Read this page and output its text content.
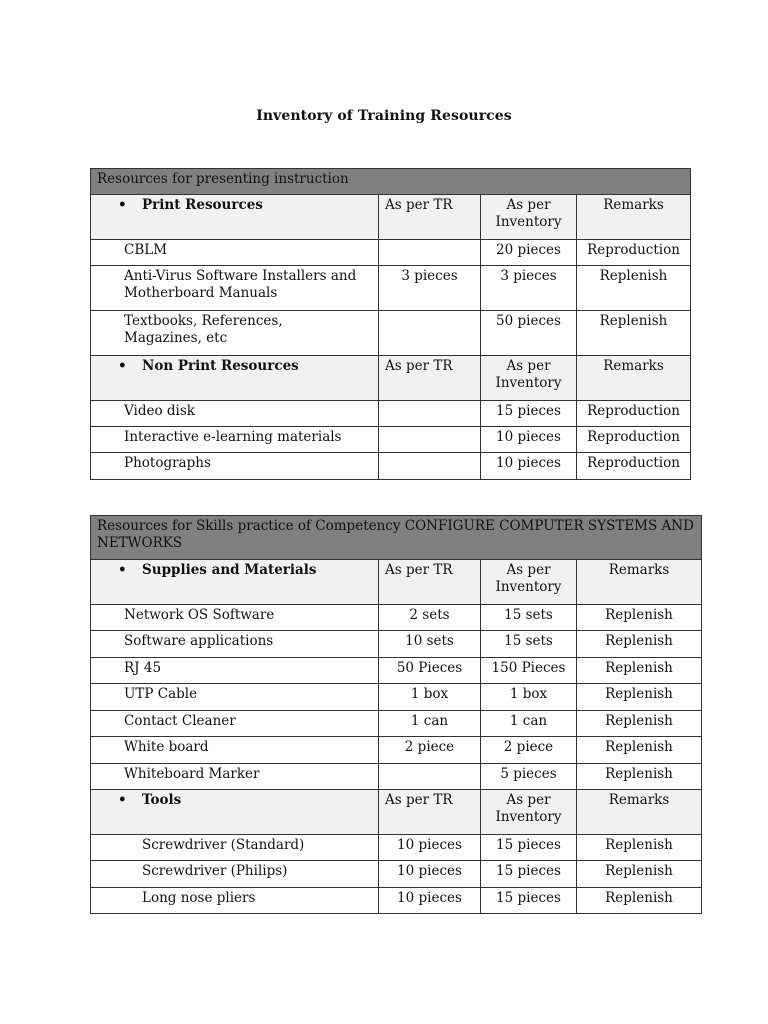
Inventory of Training Resources
Resources for presenting instruction			

• Print Resources	As per TR	As per Inventory	Remarks

CBLM		20 pieces	Reproduction

Anti-Virus Software Installers and Motherboard Manuals	3 pieces	3 pieces	Replenish

Textbooks, References, Magazines, etc		50 pieces	Replenish

• Non Print Resources	As per TR	As per Inventory	Remarks

Video disk		15 pieces	Reproduction

Interactive e-learning materials		10 pieces	Reproduction

Photographs		10 pieces	Reproduction
Resources for Skills practice of Competency CONFIGURE COMPUTER SYSTEMS AND NETWORKS			

• Supplies and Materials	As per TR	As per Inventory	Remarks

Network OS Software	2 sets	15 sets	Replenish

Software applications	10 sets	15 sets	Replenish

RJ 45	50 Pieces	150 Pieces	Replenish

UTP Cable	1 box	1 box	Replenish

Contact Cleaner	1 can	1 can	Replenish

White board	2 piece	2 piece	Replenish

Whiteboard Marker		5 pieces	Replenish

• Tools	As per TR	As per Inventory	Remarks

Screwdriver (Standard)	10 pieces	15 pieces	Replenish

Screwdriver (Philips)	10 pieces	15 pieces	Replenish

Long nose pliers	10 pieces	15 pieces	Replenish
